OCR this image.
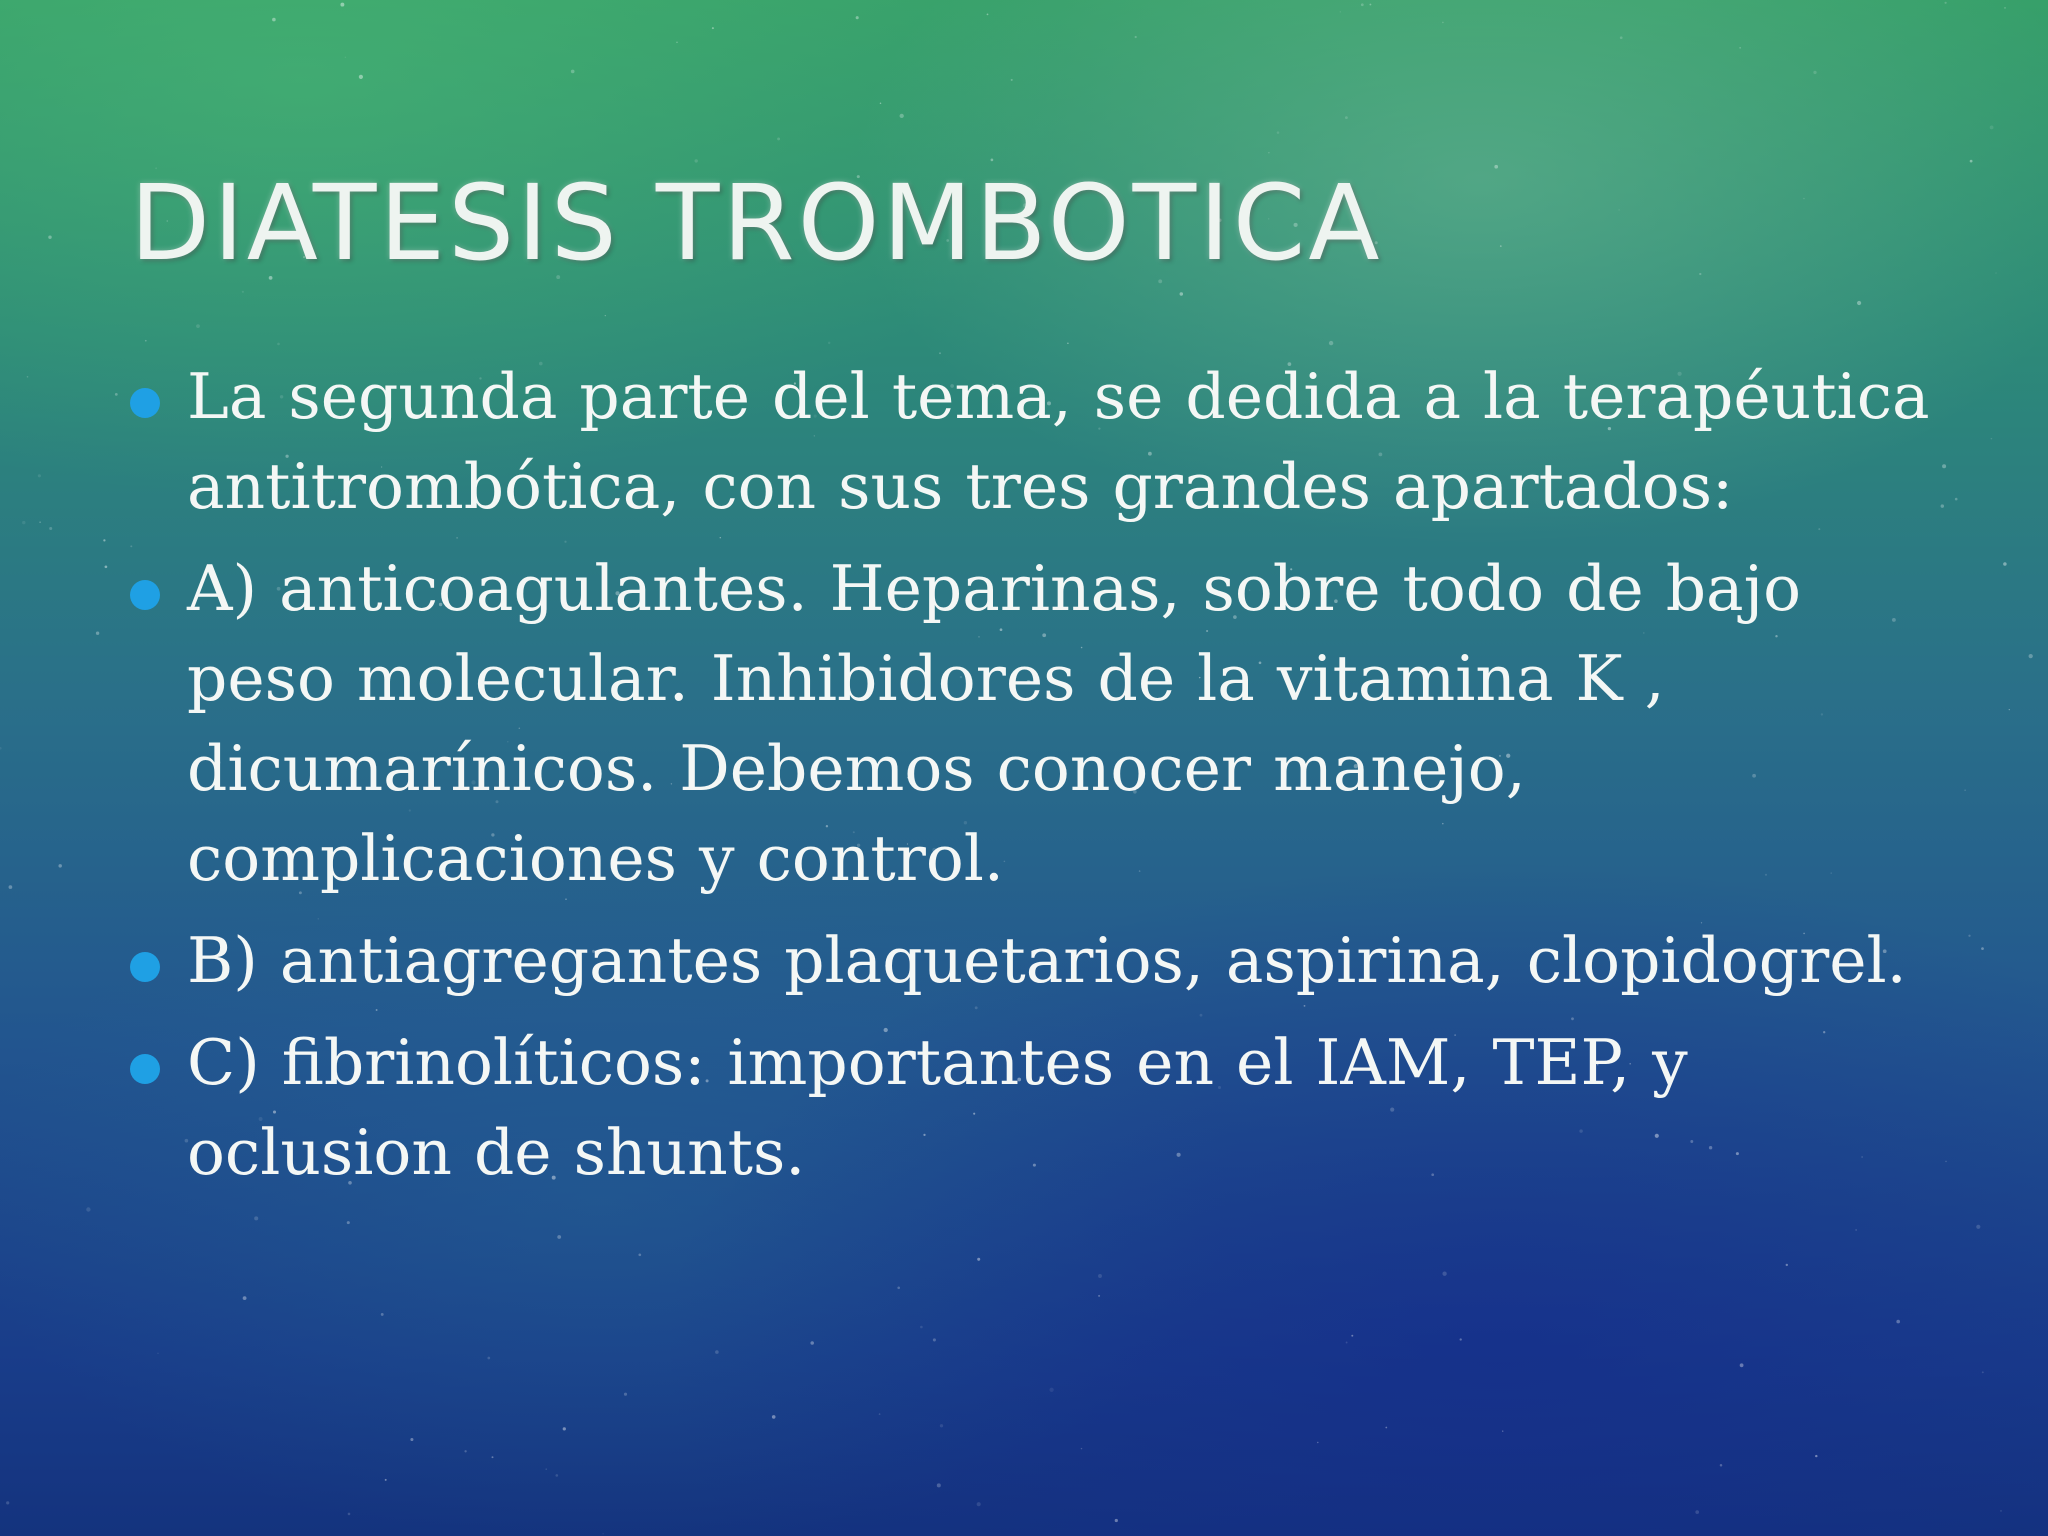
DIATESIS TROMBOTICA
La segunda parte del tema, se dedida a la terapéutica
antitrombótica, con sus tres grandes apartados:
A) anticoagulantes. Heparinas, sobre todo de bajo
peso molecular. Inhibidores de la vitamina K ,
dicumarínicos. Debemos conocer manejo,
complicaciones y control.
B) antiagregantes plaquetarios, aspirina, clopidogrel.
C) fibrinolíticos: importantes en el IAM, TEP, y
oclusion de shunts.
